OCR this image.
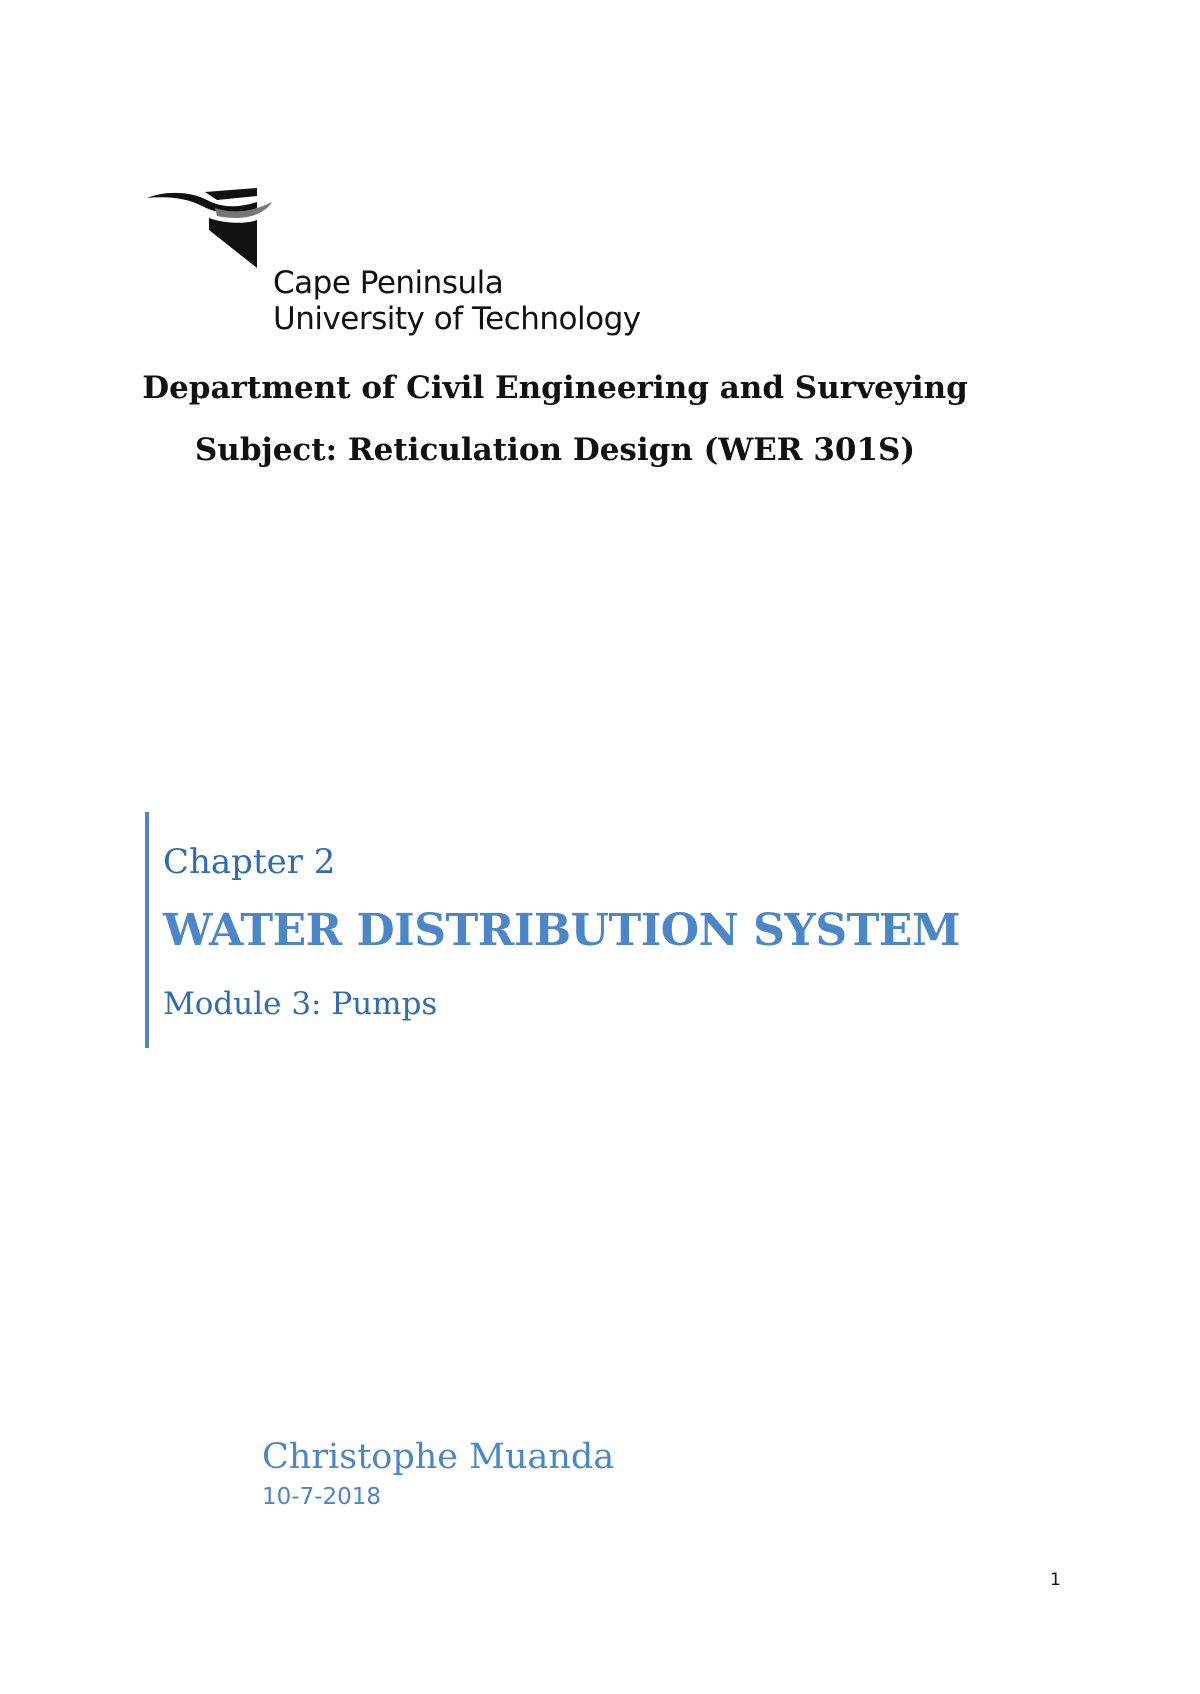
Cape Peninsula
University of Technology
Department of Civil Engineering and Surveying
Subject: Reticulation Design (WER 301S)
Chapter 2
WATER DISTRIBUTION SYSTEM
Module 3: Pumps
Christophe Muanda
10-7-2018
1
